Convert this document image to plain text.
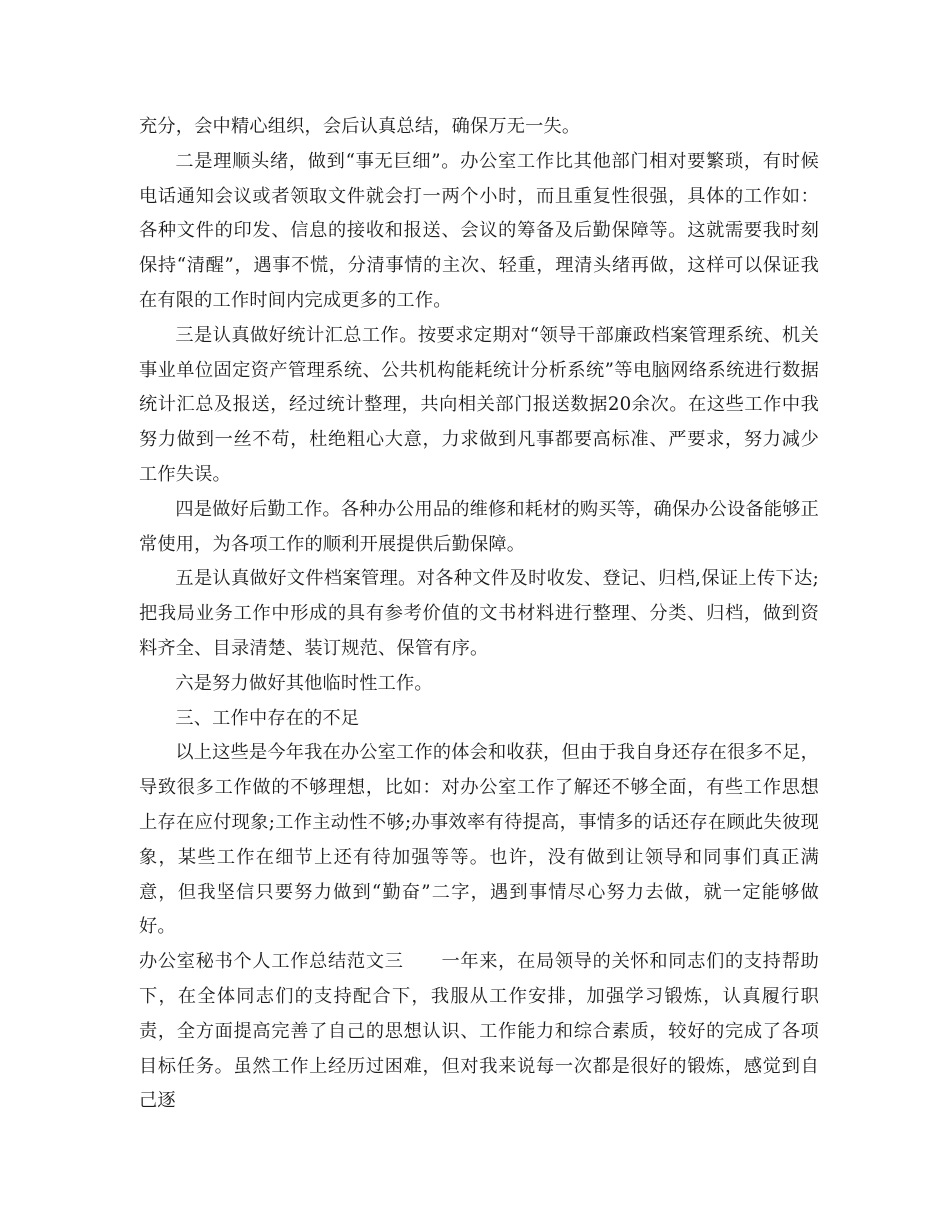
充分，会中精心组织，会后认真总结，确保万无一失。

二是理顺头绪，做到“事无巨细”。办公室工作比其他部门相对要繁琐，有时候电话通知会议或者领取文件就会打一两个小时，而且重复性很强，具体的工作如：各种文件的印发、信息的接收和报送、会议的筹备及后勤保障等。这就需要我时刻保持“清醒”，遇事不慌，分清事情的主次、轻重，理清头绪再做，这样可以保证我在有限的工作时间内完成更多的工作。

三是认真做好统计汇总工作。按要求定期对“领导干部廉政档案管理系统、机关事业单位固定资产管理系统、公共机构能耗统计分析系统”等电脑网络系统进行数据统计汇总及报送，经过统计整理，共向相关部门报送数据20余次。在这些工作中我努力做到一丝不苟，杜绝粗心大意，力求做到凡事都要高标准、严要求，努力减少工作失误。

四是做好后勤工作。各种办公用品的维修和耗材的购买等，确保办公设备能够正常使用，为各项工作的顺利开展提供后勤保障。

五是认真做好文件档案管理。对各种文件及时收发、登记、归档,保证上传下达;把我局业务工作中形成的具有参考价值的文书材料进行整理、分类、归档，做到资料齐全、目录清楚、装订规范、保管有序。

六是努力做好其他临时性工作。

三、工作中存在的不足

以上这些是今年我在办公室工作的体会和收获，但由于我自身还存在很多不足，导致很多工作做的不够理想，比如：对办公室工作了解还不够全面，有些工作思想上存在应付现象;工作主动性不够;办事效率有待提高，事情多的话还存在顾此失彼现象，某些工作在细节上还有待加强等等。也许，没有做到让领导和同事们真正满意，但我坚信只要努力做到“勤奋”二字，遇到事情尽心努力去做，就一定能够做好。

办公室秘书个人工作总结范文三　　一年来，在局领导的关怀和同志们的支持帮助下，在全体同志们的支持配合下，我服从工作安排，加强学习锻炼，认真履行职责，全方面提高完善了自己的思想认识、工作能力和综合素质，较好的完成了各项目标任务。虽然工作上经历过困难，但对我来说每一次都是很好的锻炼，感觉到自己逐
